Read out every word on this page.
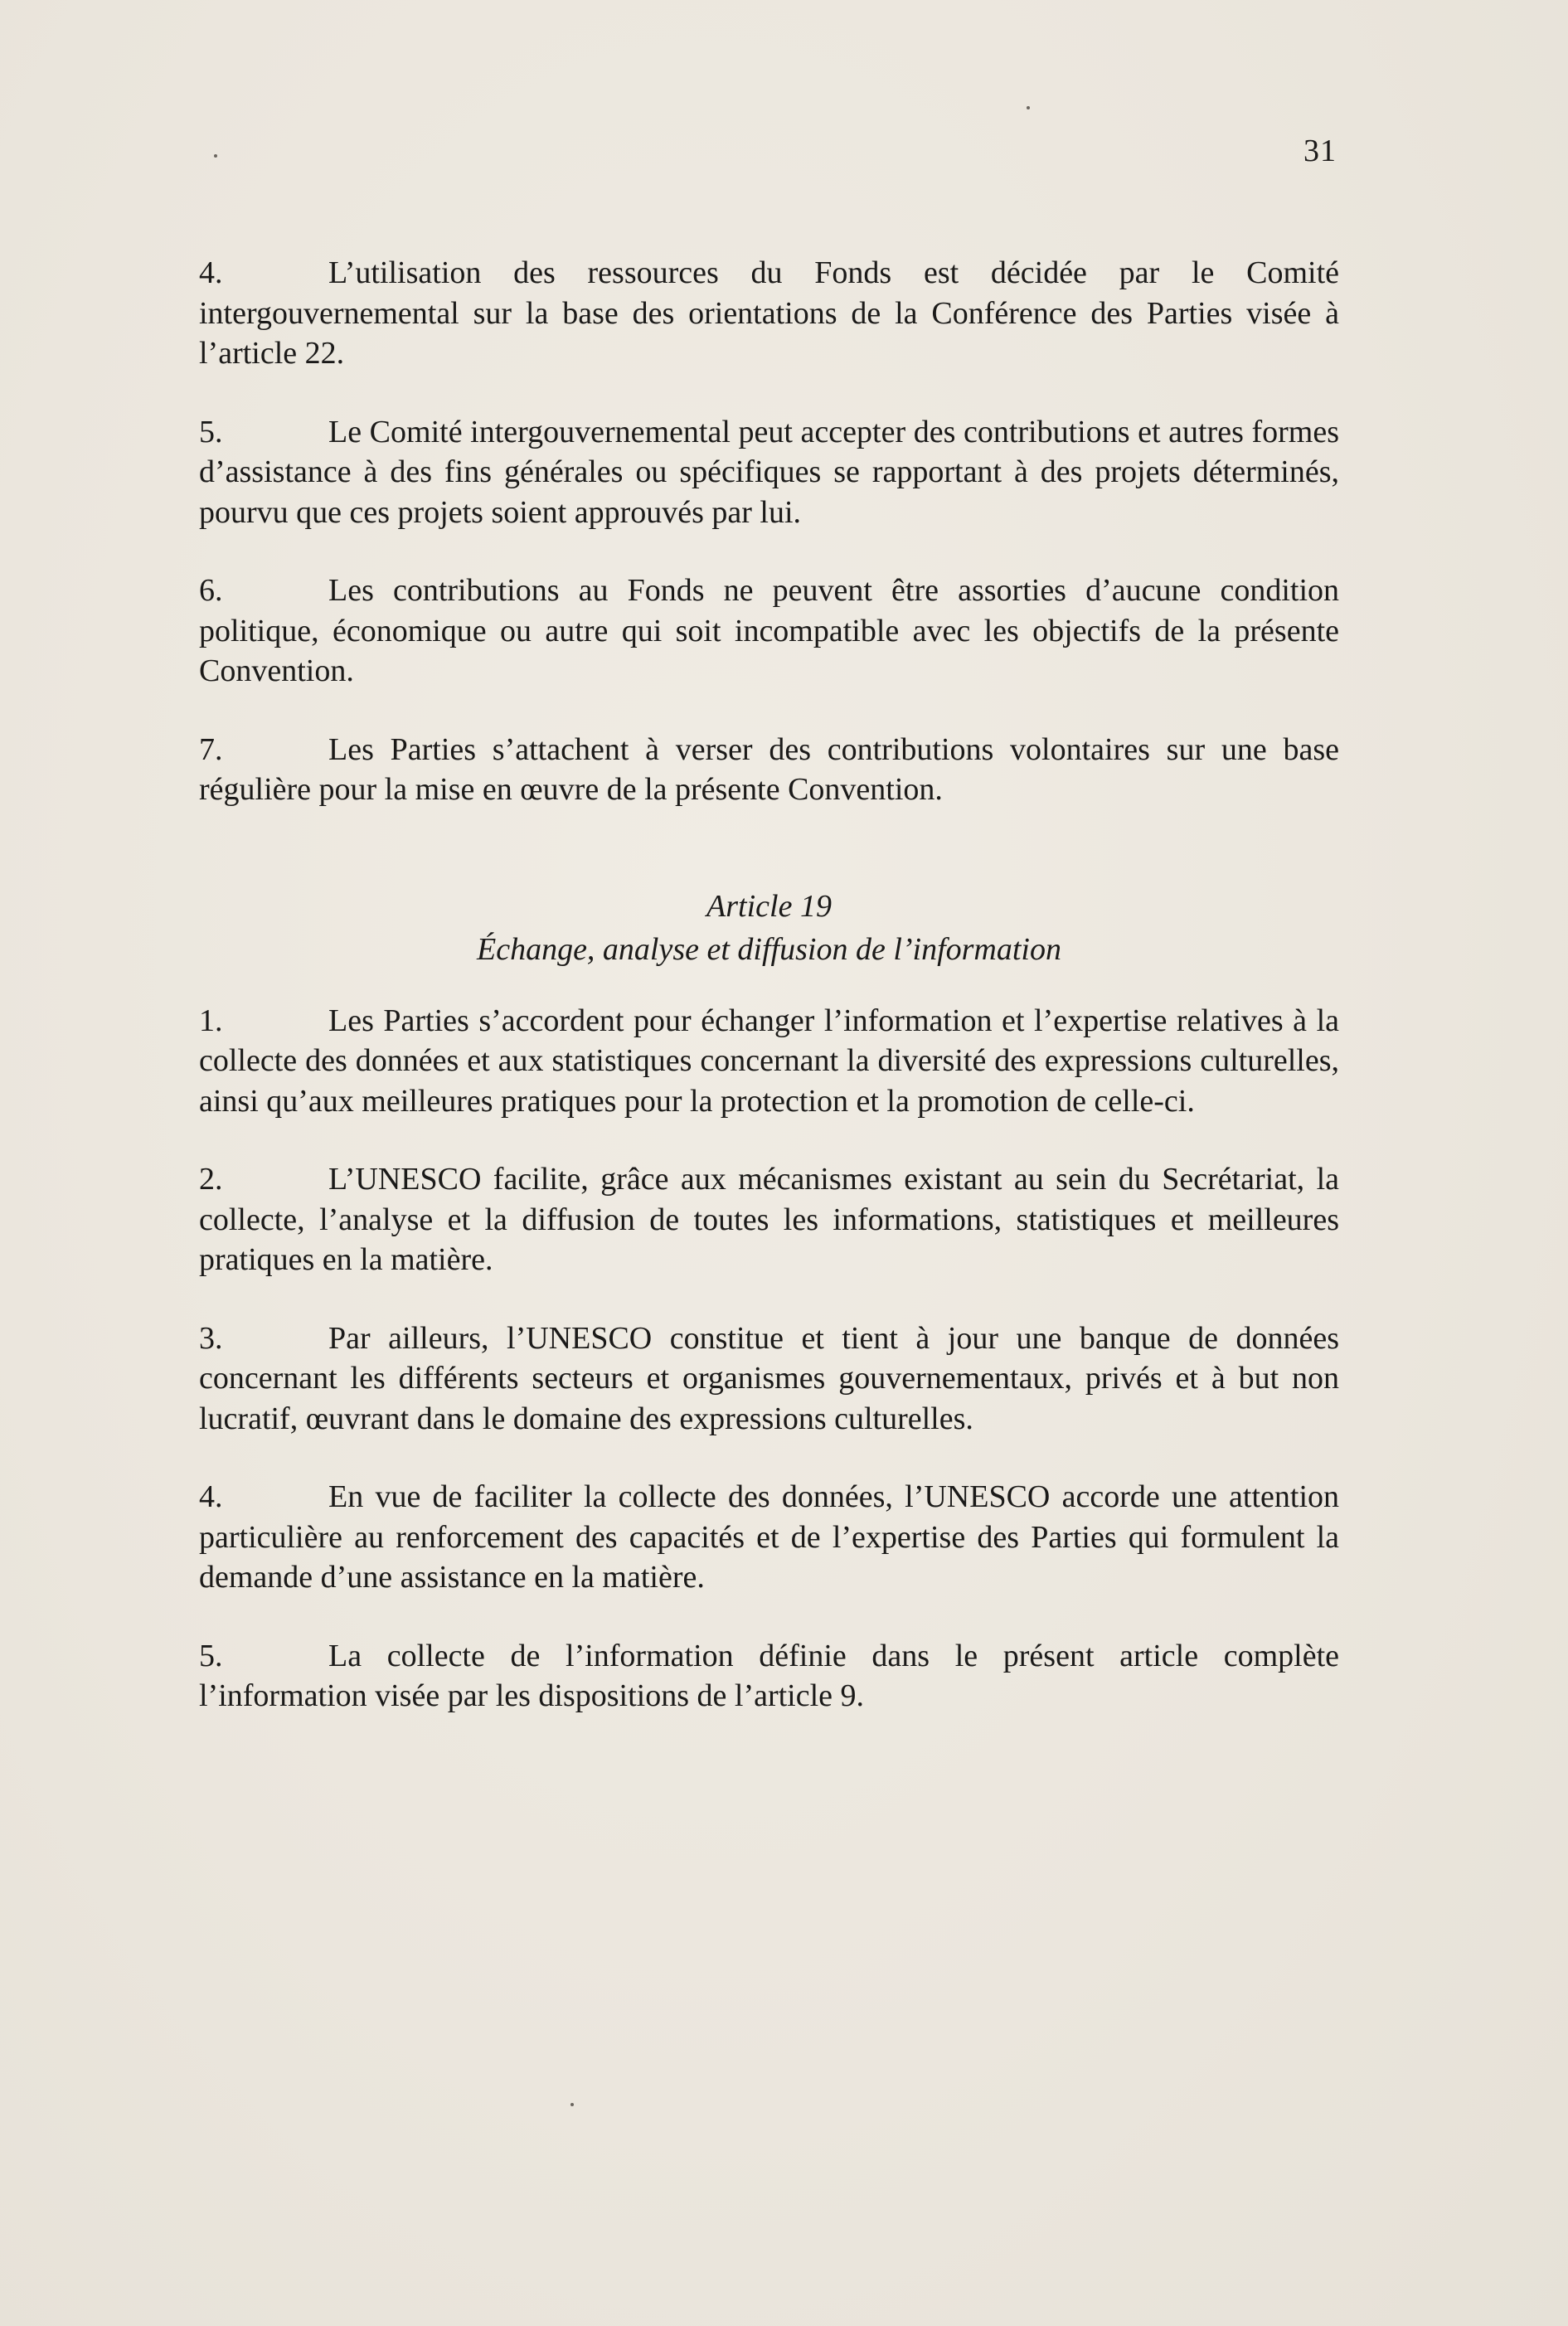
31

4.	L’utilisation des ressources du Fonds est décidée par le Comité intergouvernemental sur la base des orientations de la Conférence des Parties visée à l’article 22.

5.	Le Comité intergouvernemental peut accepter des contributions et autres formes d’assistance à des fins générales ou spécifiques se rapportant à des projets déterminés, pourvu que ces projets soient approuvés par lui.

6.	Les contributions au Fonds ne peuvent être assorties d’aucune condition politique, économique ou autre qui soit incompatible avec les objectifs de la présente Convention.

7.	Les Parties s’attachent à verser des contributions volontaires sur une base régulière pour la mise en œuvre de la présente Convention.

Article 19
Échange, analyse et diffusion de l’information

1.	Les Parties s’accordent pour échanger l’information et l’expertise relatives à la collecte des données et aux statistiques concernant la diversité des expressions culturelles, ainsi qu’aux meilleures pratiques pour la protection et la promotion de celle-ci.

2.	L’UNESCO facilite, grâce aux mécanismes existant au sein du Secrétariat, la collecte, l’analyse et la diffusion de toutes les informations, statistiques et meilleures pratiques en la matière.

3.	Par ailleurs, l’UNESCO constitue et tient à jour une banque de données concernant les différents secteurs et organismes gouvernementaux, privés et à but non lucratif, œuvrant dans le domaine des expressions culturelles.

4.	En vue de faciliter la collecte des données, l’UNESCO accorde une attention particulière au renforcement des capacités et de l’expertise des Parties qui formulent la demande d’une assistance en la matière.

5.	La collecte de l’information définie dans le présent article complète l’information visée par les dispositions de l’article 9.
